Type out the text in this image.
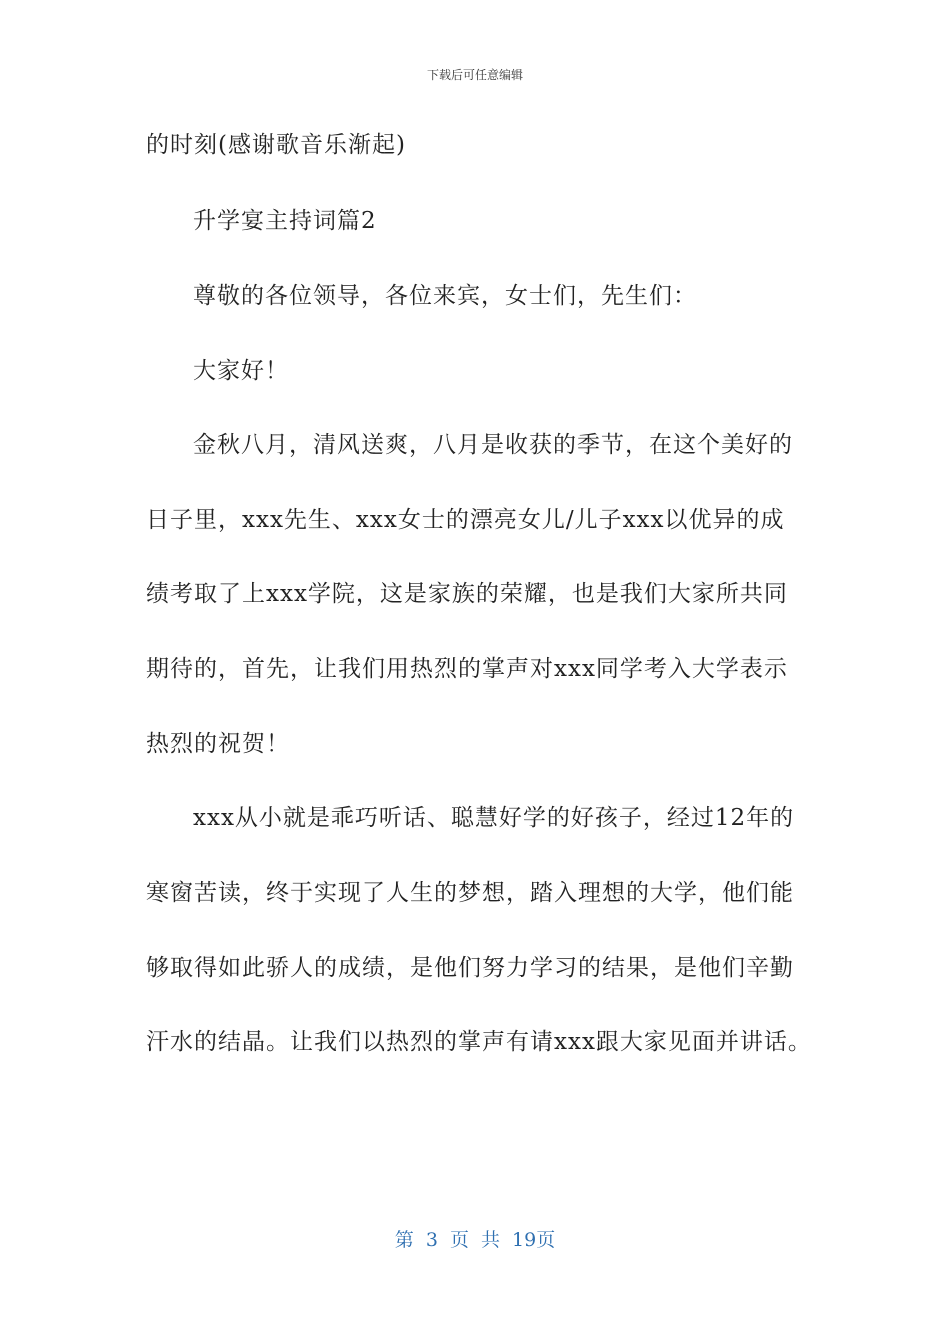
下载后可任意编辑
的时刻(感谢歌音乐渐起)
升学宴主持词篇2
尊敬的各位领导，各位来宾，女士们，先生们：
大家好！
金秋八月，清风送爽，八月是收获的季节，在这个美好的
日子里，xxx先生、xxx女士的漂亮女儿/儿子xxx以优异的成
绩考取了上xxx学院，这是家族的荣耀，也是我们大家所共同
期待的，首先，让我们用热烈的掌声对xxx同学考入大学表示
热烈的祝贺！
xxx从小就是乖巧听话、聪慧好学的好孩子，经过12年的
寒窗苦读，终于实现了人生的梦想，踏入理想的大学，他们能
够取得如此骄人的成绩，是他们努力学习的结果，是他们辛勤
汗水的结晶。让我们以热烈的掌声有请xxx跟大家见面并讲话。
第 3 页 共 19页
